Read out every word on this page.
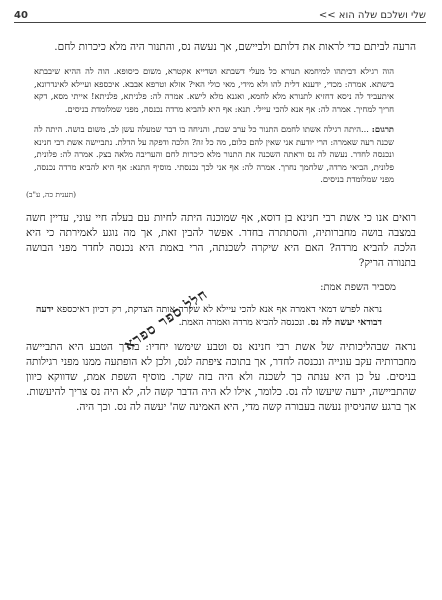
שלי ושלכם שלה הוא >>
40

הרעה לביתם כדי לראות את דלותם ולביישם, אך נעשה נס, והתנור היה מלא כיכרות לחם.

הוה רגילא דביתהו למיחמא תנורא כל מעלי דשבתא ושדייא אקטרא, משום כיסופא. הוה לה ההיא שיבבתא בישתא. אמרה: מכדי, ידענא דלית להו ולא מידי, מאי כולי האי? אזלא וטרפא אבבא. איכספא ועיילא לאינדרונא, איתעביד לה ניסא דחזיא לתנורא מלא לחמא, ואגנא מלא לישא. אמרה לה: פלניתא, פלניתא! אייתי מסא, דקא חריך למחיך. אמרה לה: אף אנא להכי עיילי. תנא: אף היא להביא מרדה נכנסה, מפני שמלומדת בניסים.

תרגום: ...היתה רגילה אשתו לחמם התנור כל ערב שבת, והניחה בו דבר שמעלה עשן לב, משום בושה. היתה לה שכנה רעה שאמרה: הרי יודעת אני שאין להם כלום, מה כל זה? הלכה ודפקה על הדלת. נתביישה אשת רבי חנינא ונכנסה לחדר. נעשה לה נס וראתה השכנה את התנור מלא כיכרות לחם והעריבה מלאה בצק. אמרה לה: פלונית, פלונית, הביאי מרדה, שלחמך נחרך. אמרה לה: אף אני לכך נכנסתי. מוסיף התנא: אף היא להביא מרדה נכנסה, מפני שמלומדת בניסים.

(תענית כה, ע"ב)

רואים אנו כי אשת רבי חנינא בן דוסא, אף שמוכנה היתה לחיות עם בעלה חיי עוני, עדיין חשה במצבה בושה מחברותיה, והסתתרה בחדר. אפשר להבין זאת, אך מה נוגע לאמירתה כי היא הלכה להביא מרדה? האם היא שיקרה לשכנתה, הרי באמת היא נכנסה לחדר מפני הבושה בתנורה הריק?

מסביר השפת אמת:

נראה לפרש דמאי דאמרה אף אנא להכי עיילא לא שקרה אותה הצדקת, רק דכיון דאיכספא ידעה דבודאי יעשה לה נס. ונכנסה להביא מרדה ואמרה האמת.

נראה שבהליכותיה של אשת רבי חנינא נס וטבע שימשו יחדיו: בדרך הטבע היא התביישה מחברותיה עקב עונייה ונכנסה לחדר, אך בתוכה ציפתה לנס, ולכן לא הופתעה ממנו מפני רגילותה בניסים. על כן היא ענתה כך לשכנה ולא היה בזה שקר. מוסיף השפת אמת, שדווקא כיוון שהתביישה, ידעה שיעשו לה נס. כלומר, אילו לא היה הדבר קשה לה, לא היה נס צריך להיעשות. אך ברגע שהניסיון נעשה בעבורה קשה מדי, היא האמינה שה' יעשה לה נס. וכך היה.

חלל ספר ספרא
